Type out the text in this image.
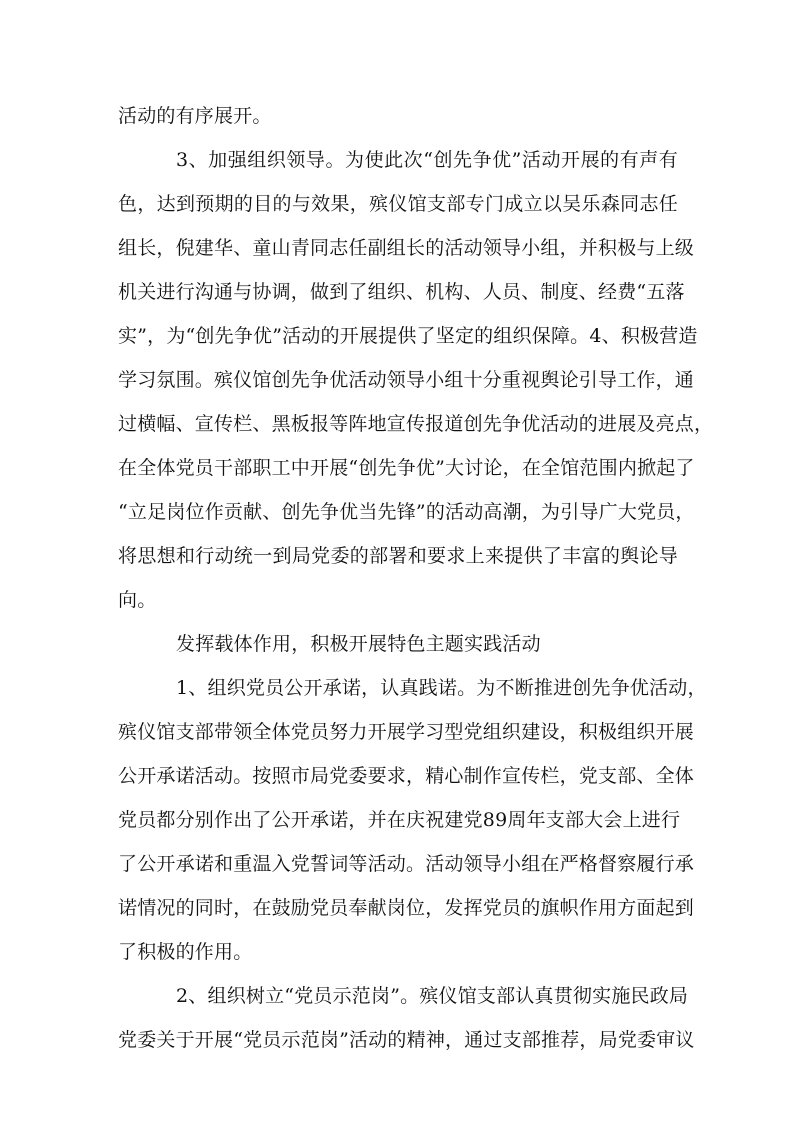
活动的有序展开。
3、加强组织领导。为使此次“创先争优”活动开展的有声有
色，达到预期的目的与效果，殡仪馆支部专门成立以吴乐森同志任
组长，倪建华、童山青同志任副组长的活动领导小组，并积极与上级
机关进行沟通与协调，做到了组织、机构、人员、制度、经费“五落
实”，为“创先争优”活动的开展提供了坚定的组织保障。4、积极营造
学习氛围。殡仪馆创先争优活动领导小组十分重视舆论引导工作，通
过横幅、宣传栏、黑板报等阵地宣传报道创先争优活动的进展及亮点，
在全体党员干部职工中开展“创先争优”大讨论，在全馆范围内掀起了
“立足岗位作贡献、创先争优当先锋”的活动高潮，为引导广大党员，
将思想和行动统一到局党委的部署和要求上来提供了丰富的舆论导
向。
发挥载体作用，积极开展特色主题实践活动
1、组织党员公开承诺，认真践诺。为不断推进创先争优活动，
殡仪馆支部带领全体党员努力开展学习型党组织建设，积极组织开展
公开承诺活动。按照市局党委要求，精心制作宣传栏，党支部、全体
党员都分别作出了公开承诺，并在庆祝建党89周年支部大会上进行
了公开承诺和重温入党誓词等活动。活动领导小组在严格督察履行承
诺情况的同时，在鼓励党员奉献岗位，发挥党员的旗帜作用方面起到
了积极的作用。
2、组织树立“党员示范岗”。殡仪馆支部认真贯彻实施民政局
党委关于开展“党员示范岗”活动的精神，通过支部推荐，局党委审议
